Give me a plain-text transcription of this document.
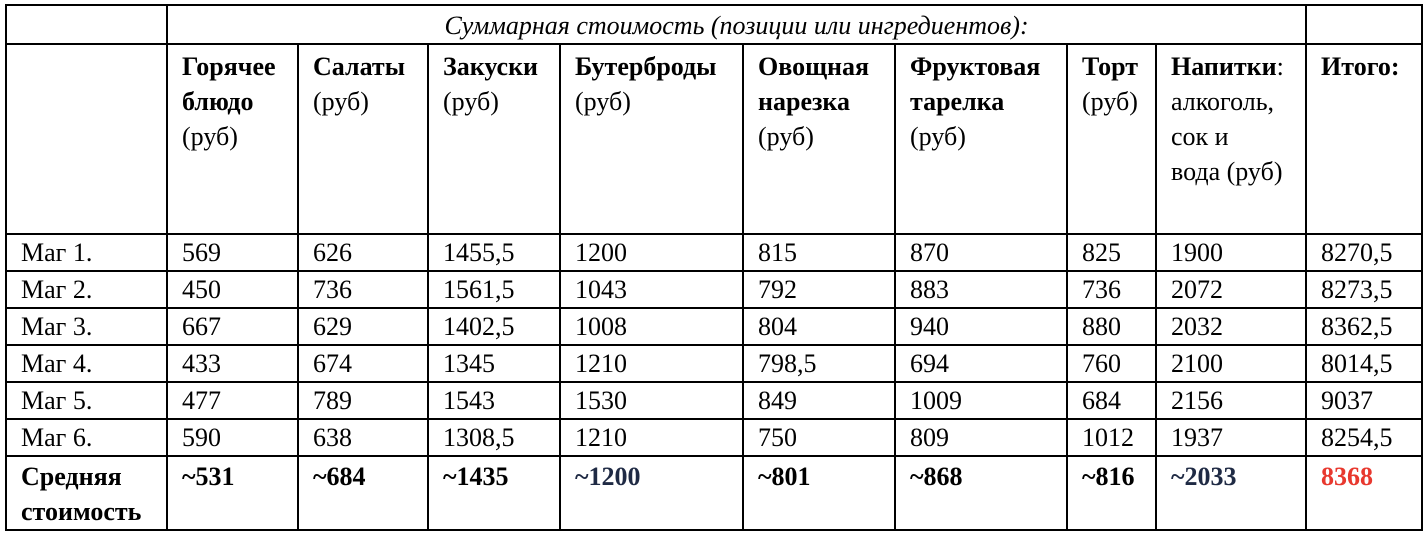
	Суммарная стоимость (позиции или ингредиентов):								
	Горячее
блюдо
(руб)	Салаты
(руб)	Закуски
(руб)	Бутерброды
(руб)	Овощная
нарезка
(руб)	Фруктовая
тарелка
(руб)	Торт
(руб)	Напитки:
алкоголь,
сок и
вода (руб)	Итого:
Маг 1.	569	626	1455,5	1200	815	870	825	1900	8270,5
Маг 2.	450	736	1561,5	1043	792	883	736	2072	8273,5
Маг 3.	667	629	1402,5	1008	804	940	880	2032	8362,5
Маг 4.	433	674	1345	1210	798,5	694	760	2100	8014,5
Маг 5.	477	789	1543	1530	849	1009	684	2156	9037
Маг 6.	590	638	1308,5	1210	750	809	1012	1937	8254,5
Средняя
стоимость	~531	~684	~1435	~1200	~801	~868	~816	~2033	8368
